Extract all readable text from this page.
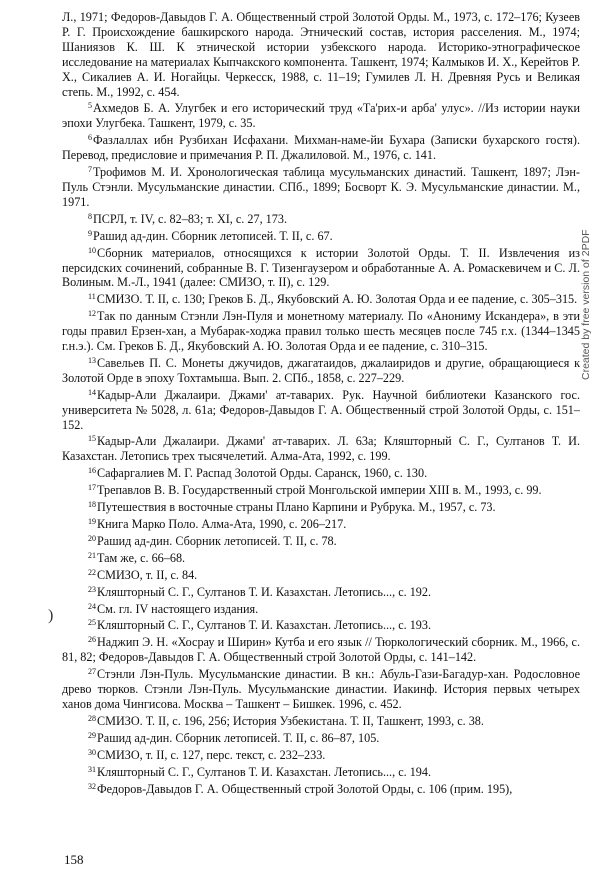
Л., 1971; Федоров-Давыдов Г. А. Общественный строй Золотой Орды. М., 1973, с. 172–176; Кузеев Р. Г. Происхождение башкирского народа. Этнический состав, история расселения. М., 1974; Шаниязов К. Ш. К этнической истории узбекского народа. Историко-этнографическое исследование на материалах Кыпчакского компонента. Ташкент, 1974; Калмыков И. Х., Керейтов Р. Х., Сикалиев А. И. Ногайцы. Черкесск, 1988, с. 11–19; Гумилев Л. Н. Древняя Русь и Великая степь. М., 1992, с. 454.

$^5$Ахмедов Б. А. Улугбек и его исторический труд «Та'рих-и арба' улус». //Из истории науки эпохи Улугбека. Ташкент, 1979, с. 35.

$^6$Фазлаллах ибн Рузбихан Исфахани. Михман-наме-йи Бухара (Записки бухарского гостя). Перевод, предисловие и примечания Р. П. Джалиловой. М., 1976, с. 141.

$^7$Трофимов М. И. Хронологическая таблица мусульманских династий. Ташкент, 1897; Лэн-Пуль Стэнли. Мусульманские династии. СПб., 1899; Босворт К. Э. Мусульманские династии. М., 1971.

$^8$ПСРЛ, т. IV, с. 82–83; т. XI, с. 27, 173.

$^9$Рашид ад-дин. Сборник летописей. Т. II, с. 67.

$^{10}$Сборник материалов, относящихся к истории Золотой Орды. Т. II. Извлечения из персидских сочинений, собранные В. Г. Тизенгаузером и обработанные А. А. Ромаскевичем и С. Л. Волиным. М.-Л., 1941 (далее: СМИЗО, т. II), с. 129.

$^{11}$СМИЗО. Т. II, с. 130; Греков Б. Д., Якубовский А. Ю. Золотая Орда и ее падение, с. 305–315.

$^{12}$Так по данным Стэнли Лэн-Пуля и монетному материалу. По «Анониму Искандера», в эти годы правил Ерзен-хан, а Мубарак-ходжа правил только шесть месяцев после 745 г.х. (1344–1345 г.н.э.). См. Греков Б. Д., Якубовский А. Ю. Золотая Орда и ее падение, с. 310–315.

$^{13}$Савельев П. С. Монеты джучидов, джагатаидов, джалаиридов и другие, обращающиеся к Золотой Орде в эпоху Тохтамыша. Вып. 2. СПб., 1858, с. 227–229.

$^{14}$Кадыр-Али Джалаири. Джами' ат-таварих. Рук. Научной библиотеки Казанского гос. университета № 5028, л. 61а; Федоров-Давыдов Г. А. Общественный строй Золотой Орды, с. 151–152.

$^{15}$Кадыр-Али Джалаири. Джами' ат-таварих. Л. 63а; Кляшторный С. Г., Султанов Т. И. Казахстан. Летопись трех тысячелетий. Алма-Ата, 1992, с. 199.

$^{16}$Сафаргалиев М. Г. Распад Золотой Орды. Саранск, 1960, с. 130.

$^{17}$Трепавлов В. В. Государственный строй Монгольской империи XIII в. М., 1993, с. 99.

$^{18}$Путешествия в восточные страны Плано Карпини и Рубрука. М., 1957, с. 73.

$^{19}$Книга Марко Поло. Алма-Ата, 1990, с. 206–217.

$^{20}$Рашид ад-дин. Сборник летописей. Т. II, с. 78.

$^{21}$Там же, с. 66–68.

$^{22}$СМИЗО, т. II, с. 84.

$^{23}$Кляшторный С. Г., Султанов Т. И. Казахстан. Летопись..., с. 192.

$^{24}$См. гл. IV настоящего издания.

$^{25}$Кляшторный С. Г., Султанов Т. И. Казахстан. Летопись..., с. 193.

$^{26}$Наджип Э. Н. «Хосрау и Ширин» Кутба и его язык // Тюркологический сборник. М., 1966, с. 81, 82; Федоров-Давыдов Г. А. Общественный строй Золотой Орды, с. 141–142.

$^{27}$Стэнли Лэн-Пуль. Мусульманские династии. В кн.: Абуль-Гази-Багадур-хан. Родословное древо тюрков. Стэнли Лэн-Пуль. Мусульманские династии. Иакинф. История первых четырех ханов дома Чингисова. Москва – Ташкент – Бишкек. 1996, с. 452.

$^{28}$СМИЗО. Т. II, с. 196, 256; История Узбекистана. Т. II, Ташкент, 1993, с. 38.

$^{29}$Рашид ад-дин. Сборник летописей. Т. II, с. 86–87, 105.

$^{30}$СМИЗО, т. II, с. 127, перс. текст, с. 232–233.

$^{31}$Кляшторный С. Г., Султанов Т. И. Казахстан. Летопись..., с. 194.

$^{32}$Федоров-Давыдов Г. А. Общественный строй Золотой Орды, с. 106 (прим. 195),

)
Created by free version of 2PDF
158
